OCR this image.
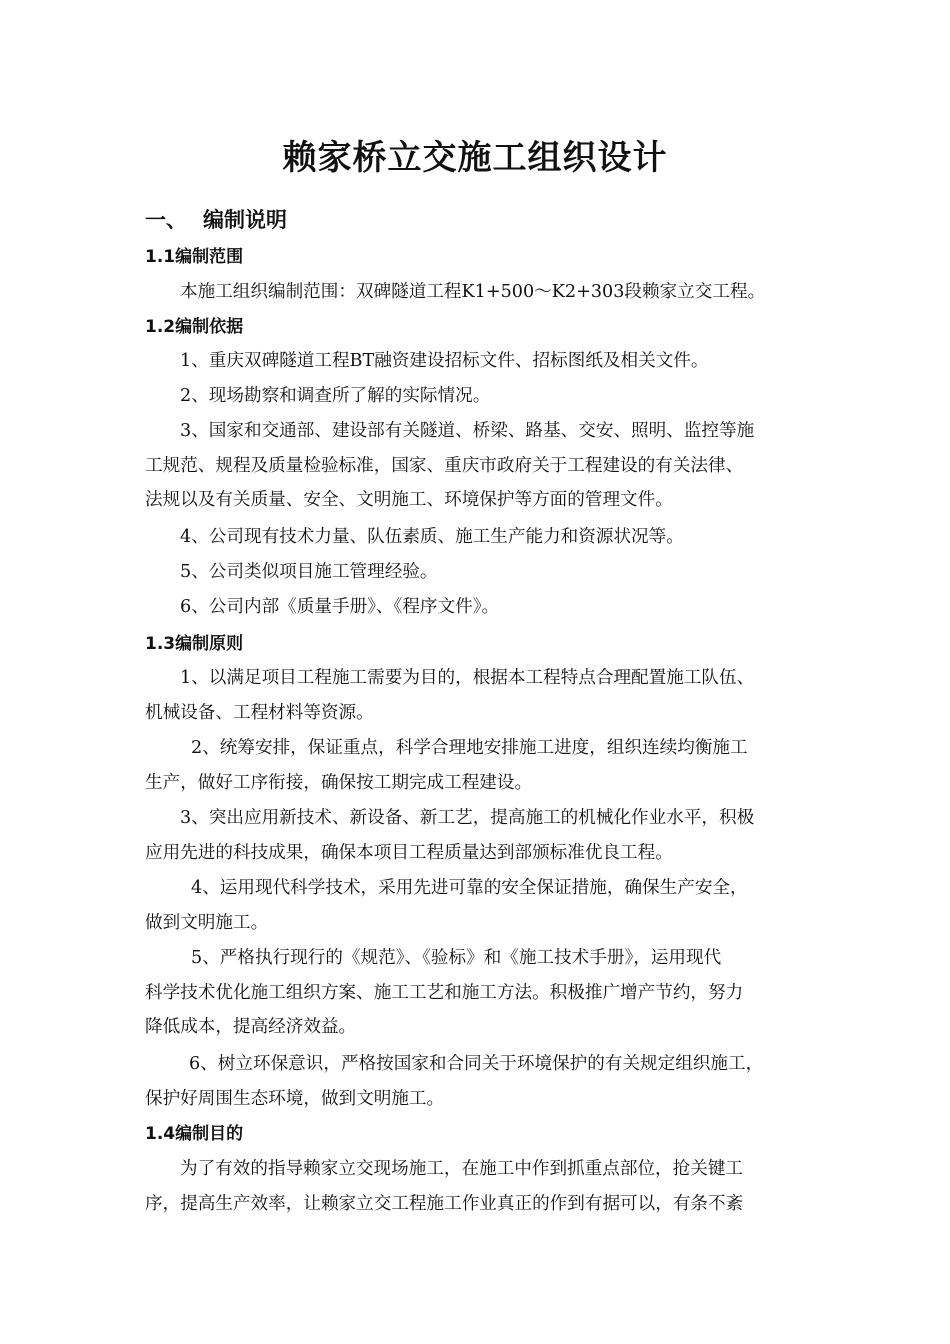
赖家桥立交施工组织设计
一、 编制说明
1.1编制范围
本施工组织编制范围：双碑隧道工程K1+500～K2+303段赖家立交工程。
1.2编制依据
1、重庆双碑隧道工程BT融资建设招标文件、招标图纸及相关文件。
2、现场勘察和调查所了解的实际情况。
3、国家和交通部、建设部有关隧道、桥梁、路基、交安、照明、监控等施
工规范、规程及质量检验标准，国家、重庆市政府关于工程建设的有关法律、
法规以及有关质量、安全、文明施工、环境保护等方面的管理文件。
4、公司现有技术力量、队伍素质、施工生产能力和资源状况等。
5、公司类似项目施工管理经验。
6、公司内部《质量手册》、《程序文件》。
1.3编制原则
1、以满足项目工程施工需要为目的，根据本工程特点合理配置施工队伍、
机械设备、工程材料等资源。
2、统筹安排，保证重点，科学合理地安排施工进度，组织连续均衡施工
生产，做好工序衔接，确保按工期完成工程建设。
3、突出应用新技术、新设备、新工艺，提高施工的机械化作业水平，积极
应用先进的科技成果，确保本项目工程质量达到部颁标准优良工程。
4、运用现代科学技术，采用先进可靠的安全保证措施，确保生产安全，
做到文明施工。
5、严格执行现行的《规范》、《验标》和《施工技术手册》，运用现代
科学技术优化施工组织方案、施工工艺和施工方法。积极推广增产节约，努力
降低成本，提高经济效益。
6、树立环保意识，严格按国家和合同关于环境保护的有关规定组织施工，
保护好周围生态环境，做到文明施工。
1.4编制目的
为了有效的指导赖家立交现场施工，在施工中作到抓重点部位，抢关键工
序，提高生产效率，让赖家立交工程施工作业真正的作到有据可以，有条不紊
